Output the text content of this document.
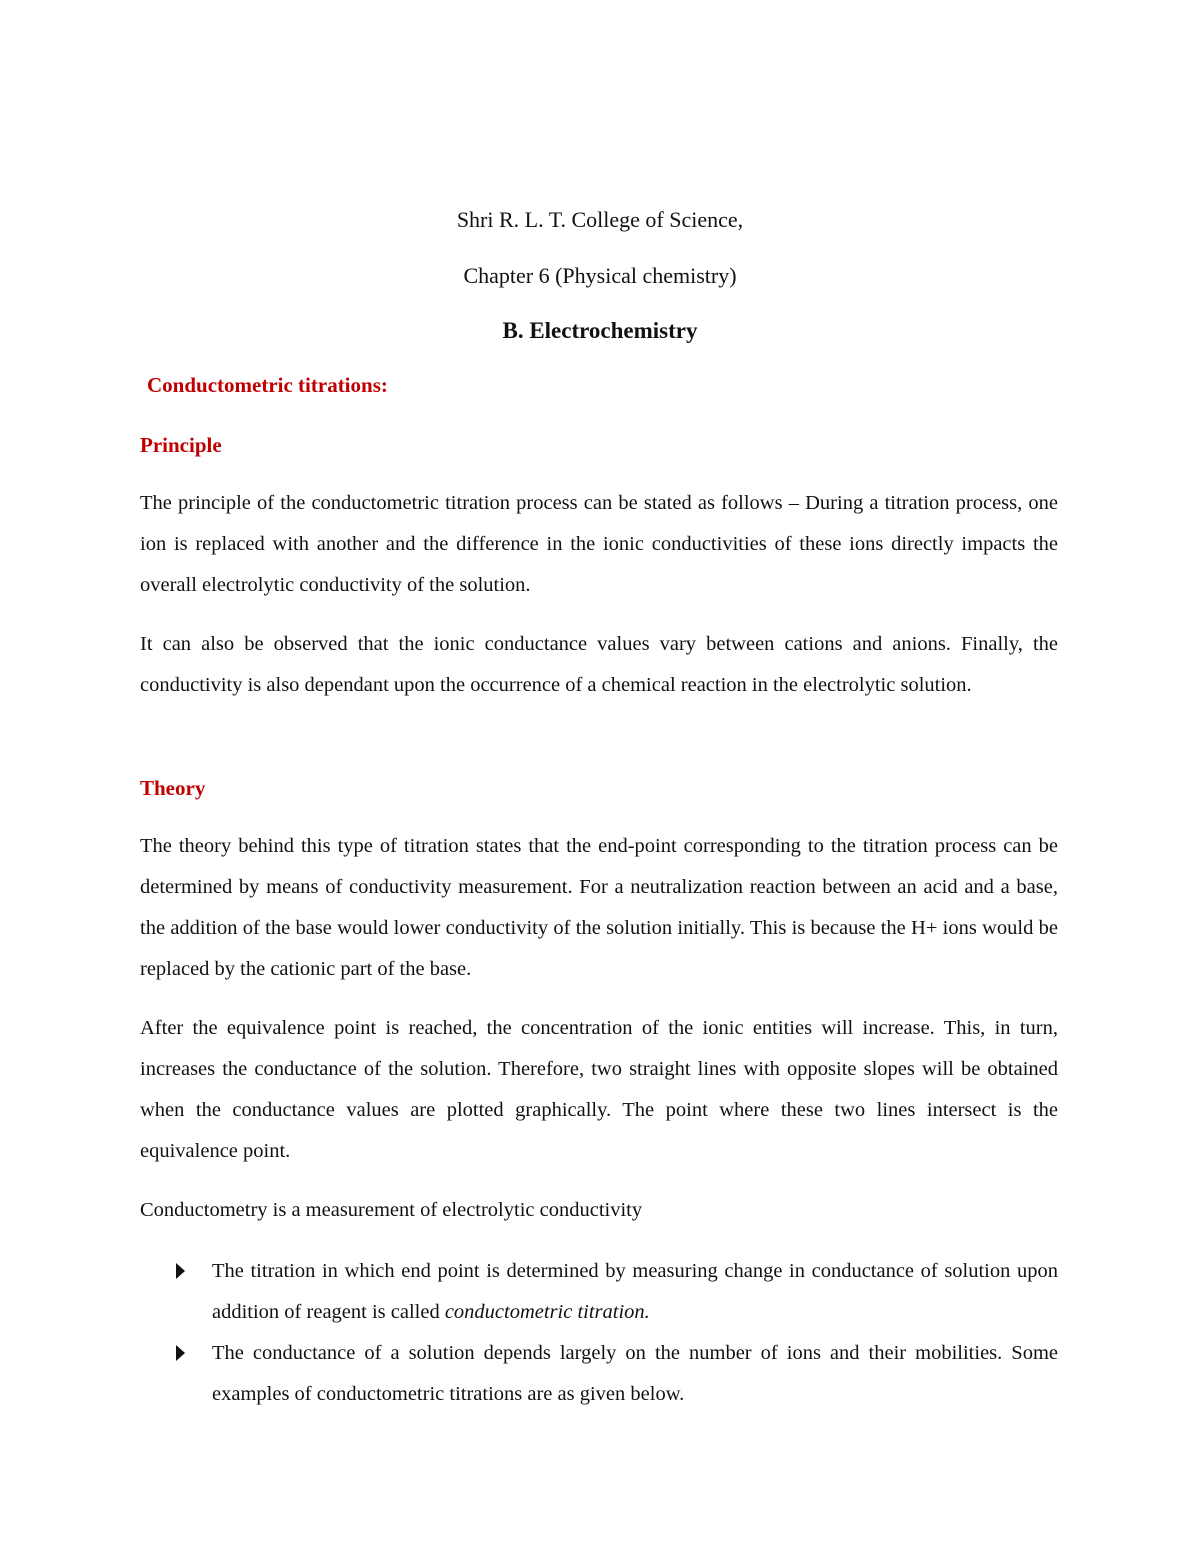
Shri R. L. T. College of Science,
Chapter 6 (Physical chemistry)
B. Electrochemistry
Conductometric titrations:
Principle
The principle of the conductometric titration process can be stated as follows – During a titration process, one ion is replaced with another and the difference in the ionic conductivities of these ions directly impacts the overall electrolytic conductivity of the solution.
It can also be observed that the ionic conductance values vary between cations and anions. Finally, the conductivity is also dependant upon the occurrence of a chemical reaction in the electrolytic solution.
Theory
The theory behind this type of titration states that the end-point corresponding to the titration process can be determined by means of conductivity measurement. For a neutralization reaction between an acid and a base, the addition of the base would lower conductivity of the solution initially. This is because the H+ ions would be replaced by the cationic part of the base.
After the equivalence point is reached, the concentration of the ionic entities will increase. This, in turn, increases the conductance of the solution. Therefore, two straight lines with opposite slopes will be obtained when the conductance values are plotted graphically. The point where these two lines intersect is the equivalence point.
Conductometry is a measurement of electrolytic conductivity
The titration in which end point is determined by measuring change in conductance of solution upon addition of reagent is called conductometric titration.
The conductance of a solution depends largely on the number of ions and their mobilities. Some examples of conductometric titrations are as given below.
